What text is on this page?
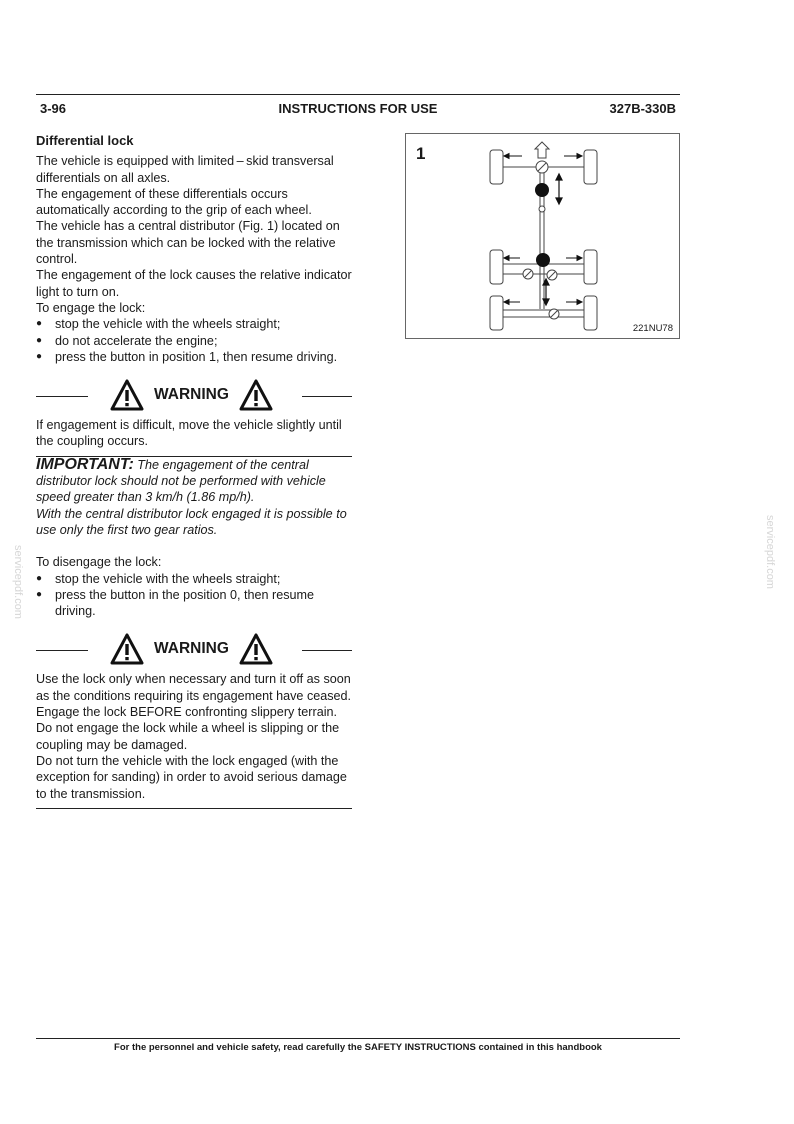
3-96	INSTRUCTIONS FOR USE	327B-330B

Differential lock

The vehicle is equipped with limited – skid transversal differentials on all axles.

The engagement of these differentials occurs automatically according to the grip of each wheel.

The vehicle has a central distributor (Fig. 1) located on the transmission which can be locked with the relative control.

The engagement of the lock causes the relative indicator light to turn on.

To engage the lock:

● stop the vehicle with the wheels straight;
● do not accelerate the engine;
● press the button in position 1, then resume driving.
WARNING

If engagement is difficult, move the vehicle slightly until the coupling occurs.

IMPORTANT: The engagement of the central distributor lock should not be performed with vehicle speed greater than 3 km/h (1.86 mp/h).

With the central distributor lock engaged it is possible to use only the first two gear ratios.

To disengage the lock:

● stop the vehicle with the wheels straight;
● press the button in the position 0, then resume driving.
WARNING

Use the lock only when necessary and turn it off as soon as the conditions requiring its engagement have ceased.

Engage the lock BEFORE confronting slippery terrain.

Do not engage the lock while a wheel is slipping or the coupling may be damaged.

Do not turn the vehicle with the lock engaged (with the exception for sanding) in order to avoid serious damage to the transmission.

1
221NU78
servicepdf.com
servicepdf.com
For the personnel and vehicle safety, read carefully the SAFETY INSTRUCTIONS contained in this handbook
